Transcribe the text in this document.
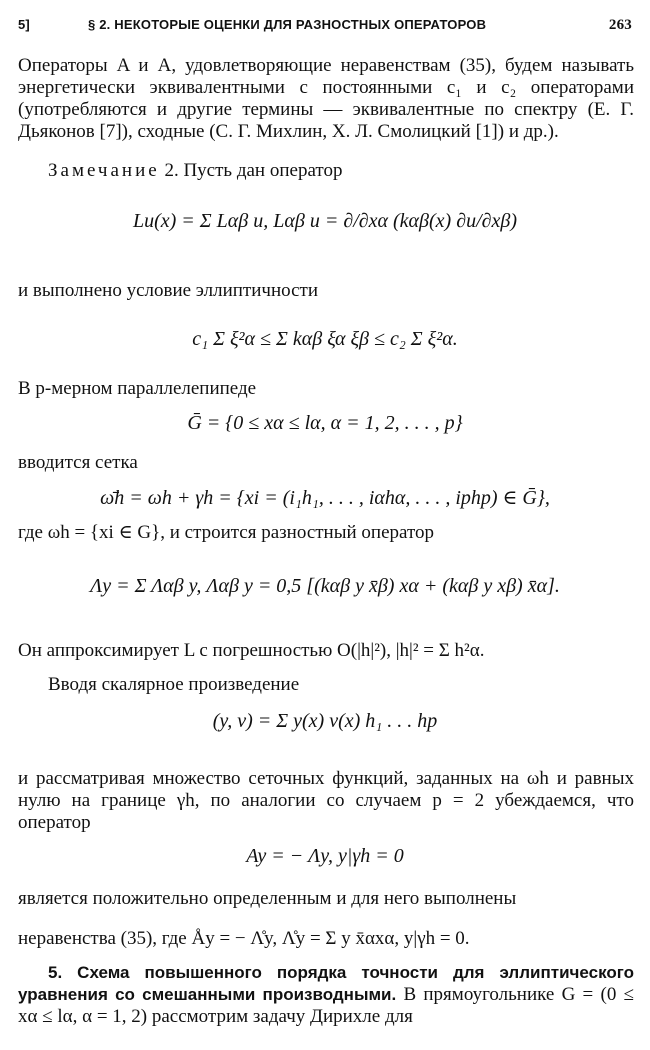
5]	§ 2. НЕКОТОРЫЕ ОЦЕНКИ ДЛЯ РАЗНОСТНЫХ ОПЕРАТОРОВ	263

Операторы A и A, удовлетворяющие неравенствам (35), будем называть энергетически эквивалентными с постоянными c₁ и c₂ операторами (употребляются и другие термины — эквивалентные по спектру (Е. Г. Дьяконов [7]), сходные (С. Г. Михлин, Х. Л. Смолицкий [1]) и др.).

Замечание 2. Пусть дан оператор

Lu(x) = Σ Lαβ u, Lαβ u = ∂/∂xα (kαβ(x) ∂u/∂xβ)

и выполнено условие эллиптичности

c₁ Σ ξ²α ≤ Σ kαβ ξα ξβ ≤ c₂ Σ ξ²α.

В p-мерном параллелепипеде

Ḡ = {0 ≤ xα ≤ lα, α = 1, 2, . . . , p}

вводится сетка

ω̄h = ωh + γh = {xi = (i₁h₁, . . . , iαhα, . . . , iphp) ∈ Ḡ},

где ωh = {xi ∈ G}, и строится разностный оператор

Λy = Σ Λαβ y, Λαβ y = 0,5 [(kαβ y x̄β) xα + (kαβ y xβ) x̄α].

Он аппроксимирует L с погрешностью O(|h|²), |h|² = Σ h²α.

Вводя скалярное произведение

(y, v) = Σ y(x) v(x) h₁ . . . hp

и рассматривая множество сеточных функций, заданных на ωh и равных нулю на границе γh, по аналогии со случаем p = 2 убеждаемся, что оператор

Ay = − Λy, y|γh = 0

является положительно определенным и для него выполнены

неравенства (35), где Åy = − Λ̊y, Λ̊y = Σ y x̄αxα, y|γh = 0.

5. Схема повышенного порядка точности для эллиптического уравнения со смешанными производными. В прямоугольнике G = (0 ≤ xα ≤ lα, α = 1, 2) рассмотрим задачу Дирихле для
